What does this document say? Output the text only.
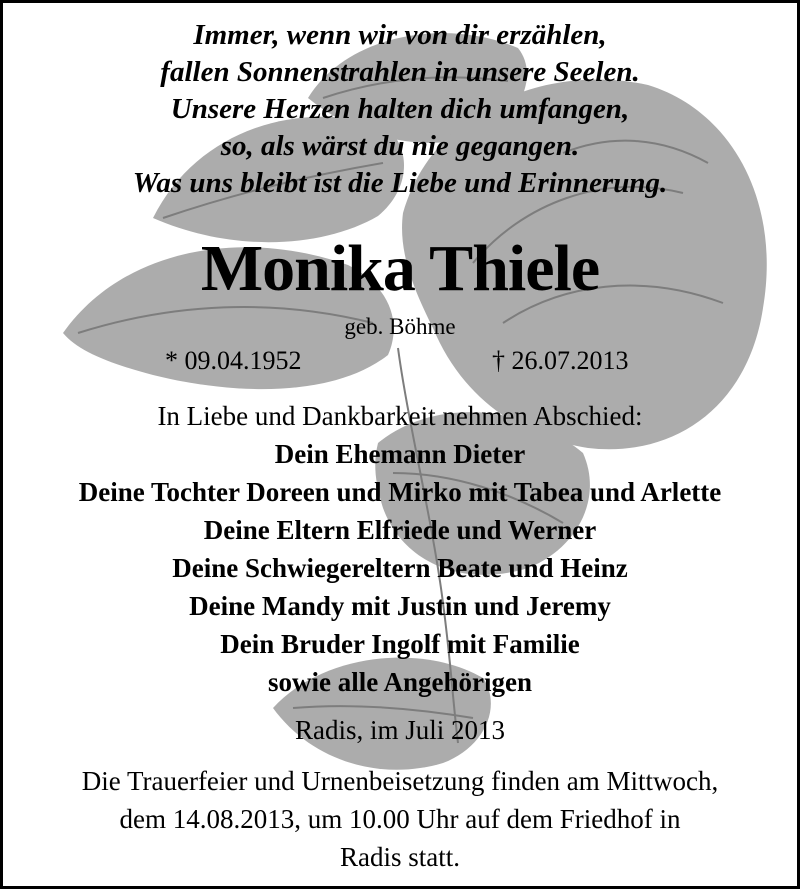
Immer, wenn wir von dir erzählen,
fallen Sonnenstrahlen in unsere Seelen.
Unsere Herzen halten dich umfangen,
so, als wärst du nie gegangen.
Was uns bleibt ist die Liebe und Erinnerung.
Monika Thiele
geb. Böhme
* 09.04.1952	† 26.07.2013
In Liebe und Dankbarkeit nehmen Abschied:
Dein Ehemann Dieter
Deine Tochter Doreen und Mirko mit Tabea und Arlette
Deine Eltern Elfriede und Werner
Deine Schwiegereltern Beate und Heinz
Deine Mandy mit Justin und Jeremy
Dein Bruder Ingolf mit Familie
sowie alle Angehörigen
Radis, im Juli 2013
Die Trauerfeier und Urnenbeisetzung finden am Mittwoch,
dem 14.08.2013, um 10.00 Uhr auf dem Friedhof in
Radis statt.
